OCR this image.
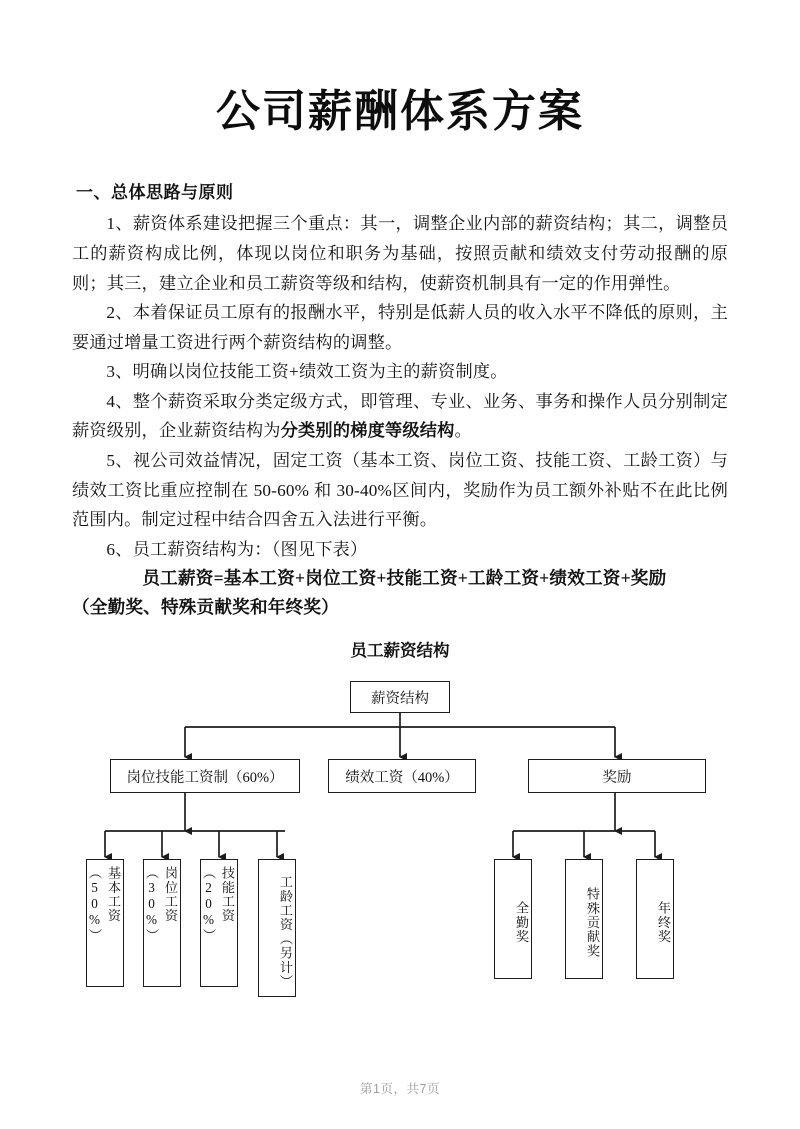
公司薪酬体系方案
一、总体思路与原则

1、薪资体系建设把握三个重点：其一，调整企业内部的薪资结构；其二，调整员工的薪资构成比例，体现以岗位和职务为基础，按照贡献和绩效支付劳动报酬的原则；其三，建立企业和员工薪资等级和结构，使薪资机制具有一定的作用弹性。

2、本着保证员工原有的报酬水平，特别是低薪人员的收入水平不降低的原则，主要通过增量工资进行两个薪资结构的调整。

3、明确以岗位技能工资+绩效工资为主的薪资制度。

4、整个薪资采取分类定级方式，即管理、专业、业务、事务和操作人员分别制定薪资级别，企业薪资结构为分类别的梯度等级结构。

5、视公司效益情况，固定工资（基本工资、岗位工资、技能工资、工龄工资）与绩效工资比重应控制在 50-60% 和 30-40%区间内，奖励作为员工额外补贴不在此比例范围内。制定过程中结合四舍五入法进行平衡。

6、员工薪资结构为：（图见下表）

员工薪资=基本工资+岗位工资+技能工资+工龄工资+绩效工资+奖励

（全勤奖、特殊贡献奖和年终奖）

员工薪资结构

薪资结构
岗位技能工资制（60%）	绩效工资（40%）	奖励
基本工资（50%）	岗位工资（30%）	技能工资（20%）	工龄工资（另计）	全勤奖	特殊贡献奖	年终奖
第1页，共7页
